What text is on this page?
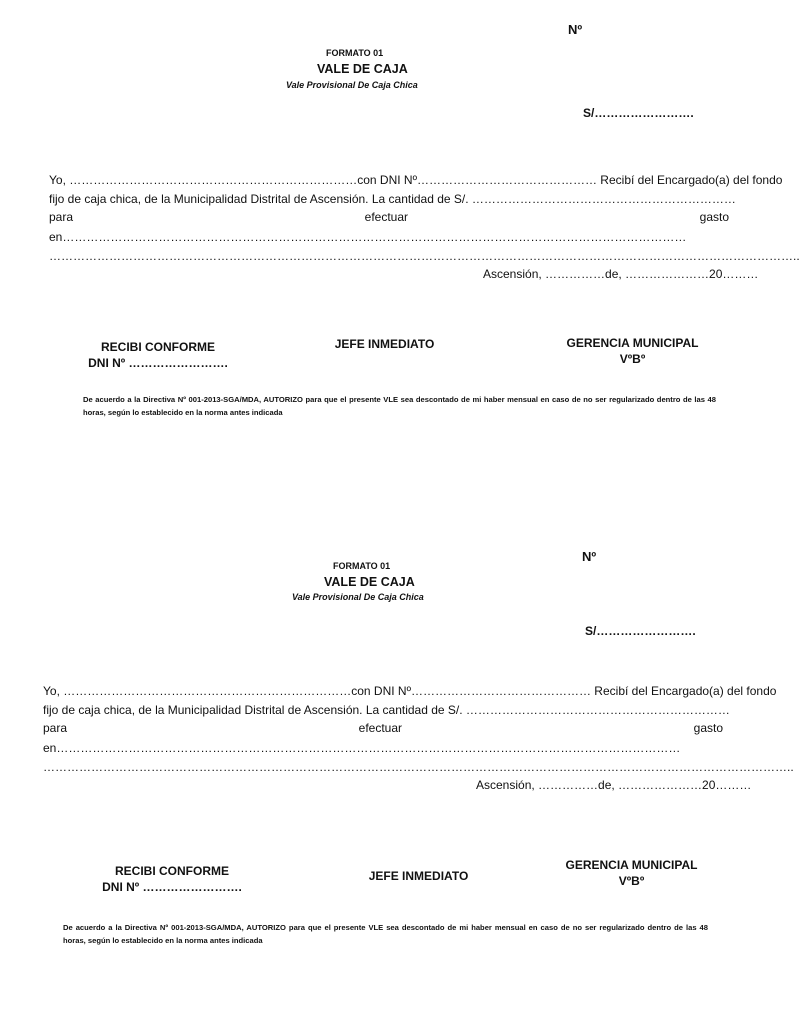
Nº
FORMATO 01
VALE DE CAJA
Vale Provisional De Caja Chica
S/…………………….
Yo, ………………………………………………………………con DNI Nº……………………………………… Recibí del Encargado(a) del fondo
fijo de caja chica, de la Municipalidad Distrital de Ascensión. La cantidad de S/. …………………………………………………………
para	efectuar	gasto
en…………………………………………………………………………………………………………………………………………
……………………………………………………………………………………………………………………………………………………………………..
Ascensión, ……………de, …………………20………
RECIBI CONFORME
DNI Nº …………………….
JEFE INMEDIATO	GERENCIA MUNICIPAL
VºBº
De acuerdo a la Directiva Nº 001-2013-SGA/MDA, AUTORIZO para que el presente VLE sea descontado de mi haber mensual en caso de no ser regularizado dentro de las 48 horas, según lo establecido en la norma antes indicada
Nº
FORMATO 01
VALE DE CAJA
Vale Provisional De Caja Chica
S/…………………….
Yo, ………………………………………………………………con DNI Nº……………………………………… Recibí del Encargado(a) del fondo
fijo de caja chica, de la Municipalidad Distrital de Ascensión. La cantidad de S/. …………………………………………………………
para	efectuar	gasto
en…………………………………………………………………………………………………………………………………………
……………………………………………………………………………………………………………………………………………………………………..
Ascensión, ……………de, …………………20………
RECIBI CONFORME
DNI Nº …………………….
JEFE INMEDIATO
GERENCIA MUNICIPAL
VºBº
De acuerdo a la Directiva Nº 001-2013-SGA/MDA, AUTORIZO para que el presente VLE sea descontado de mi haber mensual en caso de no ser regularizado dentro de las 48 horas, según lo establecido en la norma antes indicada
